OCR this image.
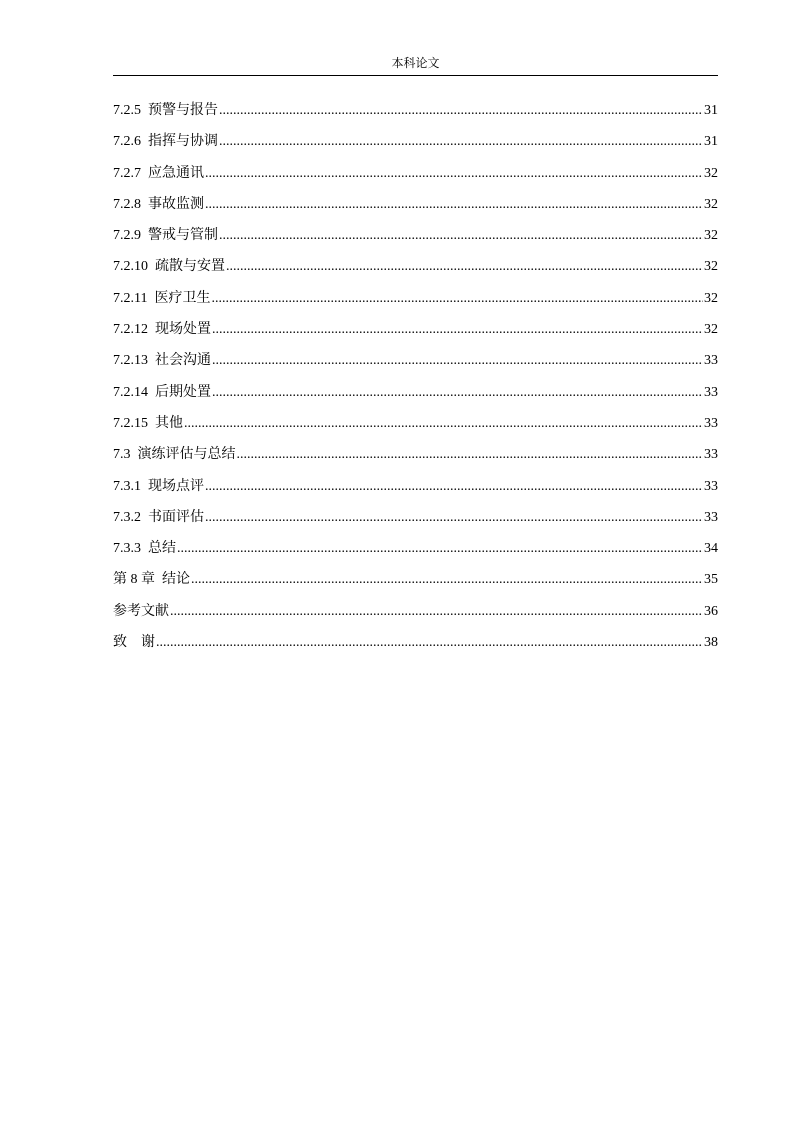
本科论文
7.2.5 预警与报告 .....	31
7.2.6 指挥与协调 .....	31
7.2.7 应急通讯 .....	32
7.2.8 事故监测 .....	32
7.2.9 警戒与管制 .....	32
7.2.10 疏散与安置 .....	32
7.2.11 医疗卫生 .....	32
7.2.12 现场处置 .....	32
7.2.13 社会沟通 .....	33
7.2.14 后期处置 .....	33
7.2.15 其他 .....	33
7.3 演练评估与总结 .....	33
7.3.1 现场点评 .....	33
7.3.2 书面评估 .....	33
7.3.3 总结 .....	34
第 8 章 结论 .....	35
参考文献 .....	36
致    谢 .....	38
